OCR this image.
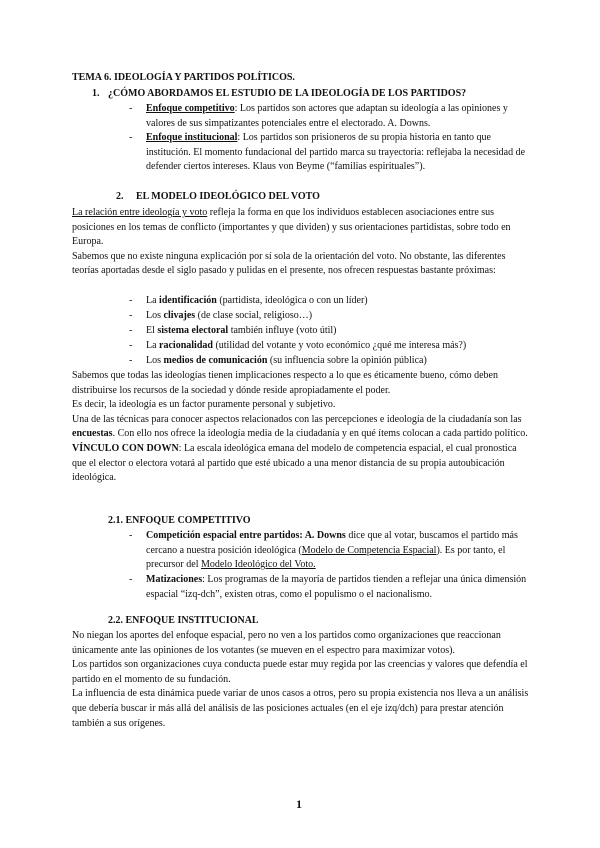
TEMA 6. IDEOLOGÍA Y PARTIDOS POLÍTICOS.
1. ¿CÓMO ABORDAMOS EL ESTUDIO DE LA IDEOLOGÍA DE LOS PARTIDOS?
- Enfoque competitivo: Los partidos son actores que adaptan su ideología a las opiniones y valores de sus simpatizantes potenciales entre el electorado. A. Downs.
- Enfoque institucional: Los partidos son prisioneros de su propia historia en tanto que institución. El momento fundacional del partido marca su trayectoria: reflejaba la necesidad de defender ciertos intereses. Klaus von Beyme (“familias espirituales”).
2. EL MODELO IDEOLÓGICO DEL VOTO

La relación entre ideología y voto refleja la forma en que los individuos establecen asociaciones entre sus posiciones en los temas de conflicto (importantes y que dividen) y sus orientaciones partidistas, sobre todo en Europa.

Sabemos que no existe ninguna explicación por sí sola de la orientación del voto. No obstante, las diferentes teorías aportadas desde el siglo pasado y pulidas en el presente, nos ofrecen respuestas bastante próximas:

- La identificación (partidista, ideológica o con un líder)
- Los clivajes (de clase social, religioso…)
- El sistema electoral también influye (voto útil)
- La racionalidad (utilidad del votante y voto económico ¿qué me interesa más?)
- Los medios de comunicación (su influencia sobre la opinión pública)

Sabemos que todas las ideologías tienen implicaciones respecto a lo que es éticamente bueno, cómo deben distribuirse los recursos de la sociedad y dónde reside apropiadamente el poder.

Es decir, la ideología es un factor puramente personal y subjetivo.

Una de las técnicas para conocer aspectos relacionados con las percepciones e ideología de la ciudadanía son las encuestas. Con ello nos ofrece la ideología media de la ciudadanía y en qué ítems colocan a cada partido político.

VÍNCULO CON DOWN: La escala ideológica emana del modelo de competencia espacial, el cual pronostica que el elector o electora votará al partido que esté ubicado a una menor distancia de su propia autoubicación ideológica.

2.1. ENFOQUE COMPETITIVO
- Competición espacial entre partidos: A. Downs dice que al votar, buscamos el partido más cercano a nuestra posición ideológica (Modelo de Competencia Espacial). Es por tanto, el precursor del Modelo Ideológico del Voto.
- Matizaciones: Los programas de la mayoría de partidos tienden a reflejar una única dimensión espacial “izq-dch”, existen otras, como el populismo o el nacionalismo.
2.2. ENFOQUE INSTITUCIONAL

No niegan los aportes del enfoque espacial, pero no ven a los partidos como organizaciones que reaccionan únicamente ante las opiniones de los votantes (se mueven en el espectro para maximizar votos).

Los partidos son organizaciones cuya conducta puede estar muy regida por las creencias y valores que defendía el partido en el momento de su fundación.

La influencia de esta dinámica puede variar de unos casos a otros, pero su propia existencia nos lleva a un análisis que debería buscar ir más allá del análisis de las posiciones actuales (en el eje izq/dch) para prestar atención también a sus orígenes.

1
